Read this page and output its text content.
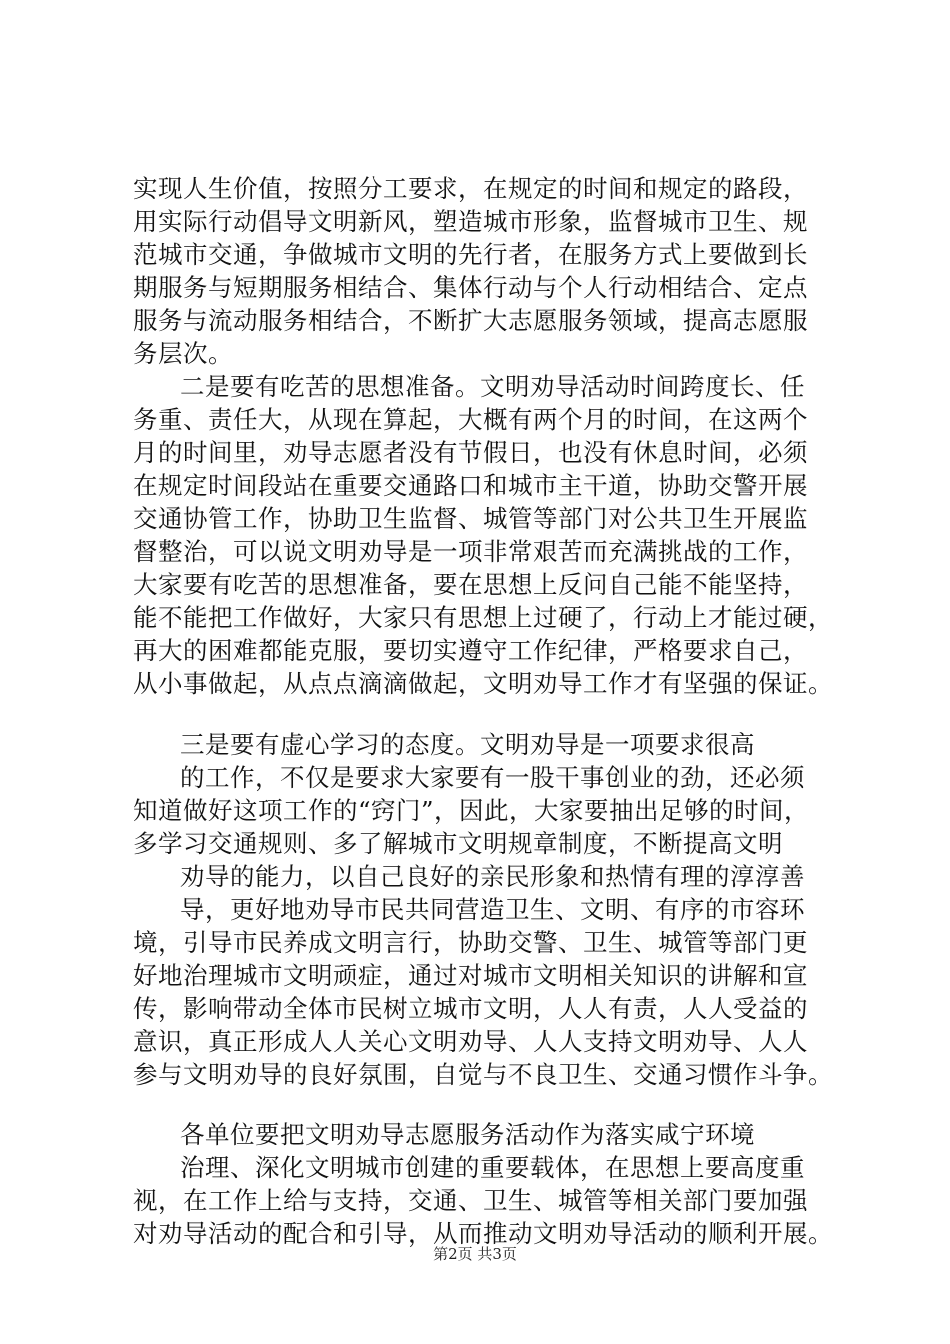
实现人生价值，按照分工要求，在规定的时间和规定的路段，
用实际行动倡导文明新风，塑造城市形象，监督城市卫生、规
范城市交通，争做城市文明的先行者，在服务方式上要做到长
期服务与短期服务相结合、集体行动与个人行动相结合、定点
服务与流动服务相结合，不断扩大志愿服务领域，提高志愿服
务层次。
二是要有吃苦的思想准备。文明劝导活动时间跨度长、任
务重、责任大，从现在算起，大概有两个月的时间，在这两个
月的时间里，劝导志愿者没有节假日，也没有休息时间，必须
在规定时间段站在重要交通路口和城市主干道，协助交警开展
交通协管工作，协助卫生监督、城管等部门对公共卫生开展监
督整治，可以说文明劝导是一项非常艰苦而充满挑战的工作，
大家要有吃苦的思想准备，要在思想上反问自己能不能坚持，
能不能把工作做好，大家只有思想上过硬了，行动上才能过硬，
再大的困难都能克服，要切实遵守工作纪律，严格要求自己，
从小事做起，从点点滴滴做起，文明劝导工作才有坚强的保证。
三是要有虚心学习的态度。文明劝导是一项要求很高
的工作，不仅是要求大家要有一股干事创业的劲，还必须
知道做好这项工作的“窍门”，因此，大家要抽出足够的时间，
多学习交通规则、多了解城市文明规章制度，不断提高文明
劝导的能力，以自己良好的亲民形象和热情有理的淳淳善
导，更好地劝导市民共同营造卫生、文明、有序的市容环
境，引导市民养成文明言行，协助交警、卫生、城管等部门更
好地治理城市文明顽症，通过对城市文明相关知识的讲解和宣
传，影响带动全体市民树立城市文明，人人有责，人人受益的
意识，真正形成人人关心文明劝导、人人支持文明劝导、人人
参与文明劝导的良好氛围，自觉与不良卫生、交通习惯作斗争。
各单位要把文明劝导志愿服务活动作为落实咸宁环境
治理、深化文明城市创建的重要载体，在思想上要高度重
视，在工作上给与支持，交通、卫生、城管等相关部门要加强
对劝导活动的配合和引导，从而推动文明劝导活动的顺利开展。
第2页 共3页
